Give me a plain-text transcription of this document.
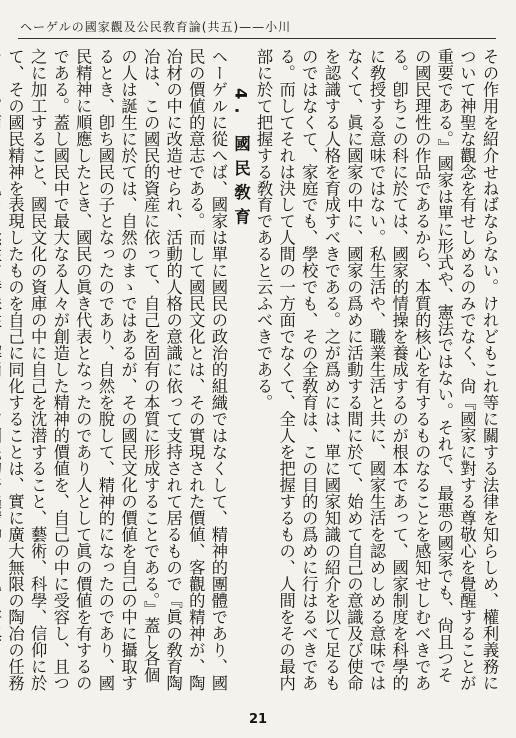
ヘーゲルの國家觀及公民敎育論(共五)——小川

その作用を紹介せねばならない。けれどもこれ等に關する法律を知らしめ、權利義務について神聖な觀念を有せしめるのみでなく、尙『國家に對する尊敬心を覺醒することが重要である。』國家は單に形式や、憲法ではない。それで、最悪の國家でも、尙且つその國民理性の作品であるから、本質的核心を有するものなることを感知せしむべきである。卽ちこの科に於ては、國家的情操を養成するのが根本であって、國家制度を科學的に敎授する意味ではない。私生活や、職業生活と共に、國家生活を認めしめる意味ではなくて、眞に國家の中に、國家の爲めに活動する間に於て、始めて自己の意識及び使命を認識する人格を育成すべきである。之が爲めには、單に國家知識の紹介を以て足るものではなくて、家庭でも、學校でも、その全敎育は、この目的の爲めに行はるべきである。而してそれは決して人間の一方面でなくて、全人を把握するもの、人間をその最内部に於て把握する敎育であると云ふべきである。

4. 國民敎育

ヘーゲルに從へば、國家は單に國民の政治的組織ではなくして、精神的團體であり、國民の價値的意志である。而して國民文化とは、その實現された價値、客觀的精神が、陶冶材の中に改造せられ、活動的人格の意識に依って支持されて居るもので『眞の敎育陶冶は、この國民的資産に依って、自己を固有の本質に形成することである。』蓋し各個の人は誕生に於ては、自然のまゝではあるが、その國民文化の價値を自己の中に攝取するとき、卽ち國民の子となったのであり、自然を脫して、精神的になったのであり、國民精神に順應したとき、國民の眞き代表となったのであり人として眞の價値を有するのである。蓋し國民中で最大なる人々が創造した精神的價値を、自己の中に受容し、且つ之に加工すること、國民文化の資庫の中に自己を沈潜すること、藝術、科學、信仰に於て、その國民精神を表現したものを自己に同化することは、實に廣大無限の陶冶の任務

21
